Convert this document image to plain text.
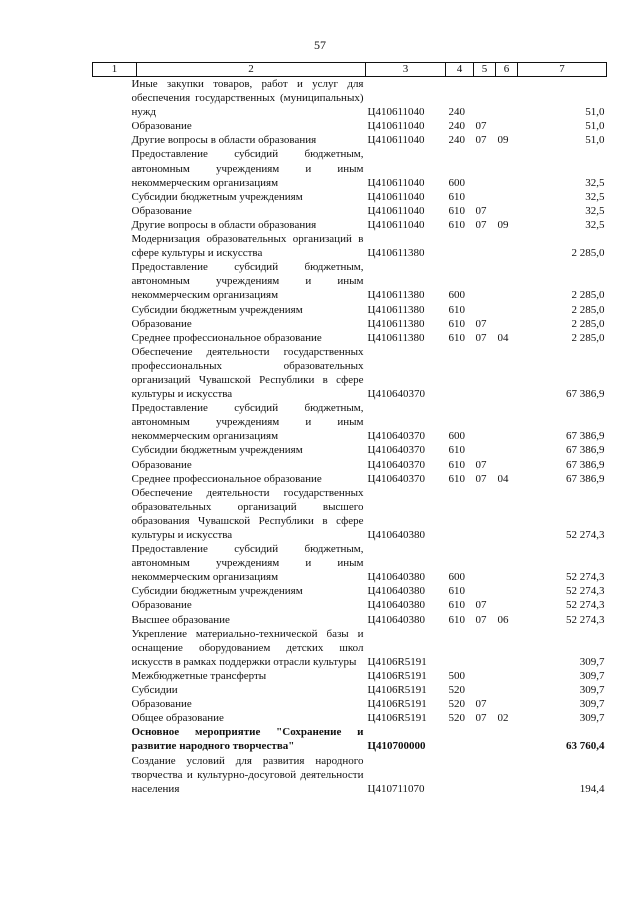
57
1	2	3	4	5	6	7

Иные закупки товаров, работ и услуг для обеспечения государственных (муниципальных) нужд		Ц410611040	240			51,0

Образование		Ц410611040	240	07		51,0

Другие вопросы в области образования		Ц410611040	240	07	09	51,0

Предоставление субсидий бюджетным, автономным учреждениям и иным некоммерческим организациям		Ц410611040	600			32,5

Субсидии бюджетным учреждениям		Ц410611040	610			32,5

Образование		Ц410611040	610	07		32,5

Другие вопросы в области образования		Ц410611040	610	07	09	32,5

Модернизация образовательных организаций в сфере культуры и искусства		Ц410611380				2 285,0

Предоставление субсидий бюджетным, автономным учреждениям и иным некоммерческим организациям		Ц410611380	600			2 285,0

Субсидии бюджетным учреждениям		Ц410611380	610			2 285,0

Образование		Ц410611380	610	07		2 285,0

Среднее профессиональное образование		Ц410611380	610	07	04	2 285,0

Обеспечение деятельности государственных профессиональных образовательных организаций Чувашской Республики в сфере культуры и искусства		Ц410640370				67 386,9

Предоставление субсидий бюджетным, автономным учреждениям и иным некоммерческим организациям		Ц410640370	600			67 386,9

Субсидии бюджетным учреждениям		Ц410640370	610			67 386,9

Образование		Ц410640370	610	07		67 386,9

Среднее профессиональное образование		Ц410640370	610	07	04	67 386,9

Обеспечение деятельности государственных образовательных организаций высшего образования Чувашской Республики в сфере культуры и искусства		Ц410640380				52 274,3

Предоставление субсидий бюджетным, автономным учреждениям и иным некоммерческим организациям		Ц410640380	600			52 274,3

Субсидии бюджетным учреждениям		Ц410640380	610			52 274,3

Образование		Ц410640380	610	07		52 274,3

Высшее образование		Ц410640380	610	07	06	52 274,3

Укрепление материально-технической базы и оснащение оборудованием детских школ искусств в рамках поддержки отрасли культуры		Ц4106R5191				309,7

Межбюджетные трансферты		Ц4106R5191	500			309,7

Субсидии		Ц4106R5191	520			309,7

Образование		Ц4106R5191	520	07		309,7

Общее образование		Ц4106R5191	520	07	02	309,7

Основное мероприятие "Сохранение и развитие народного творчества"		Ц410700000				63 760,4

Создание условий для развития народного творчества и культурно-досуговой деятельности населения		Ц410711070				194,4
